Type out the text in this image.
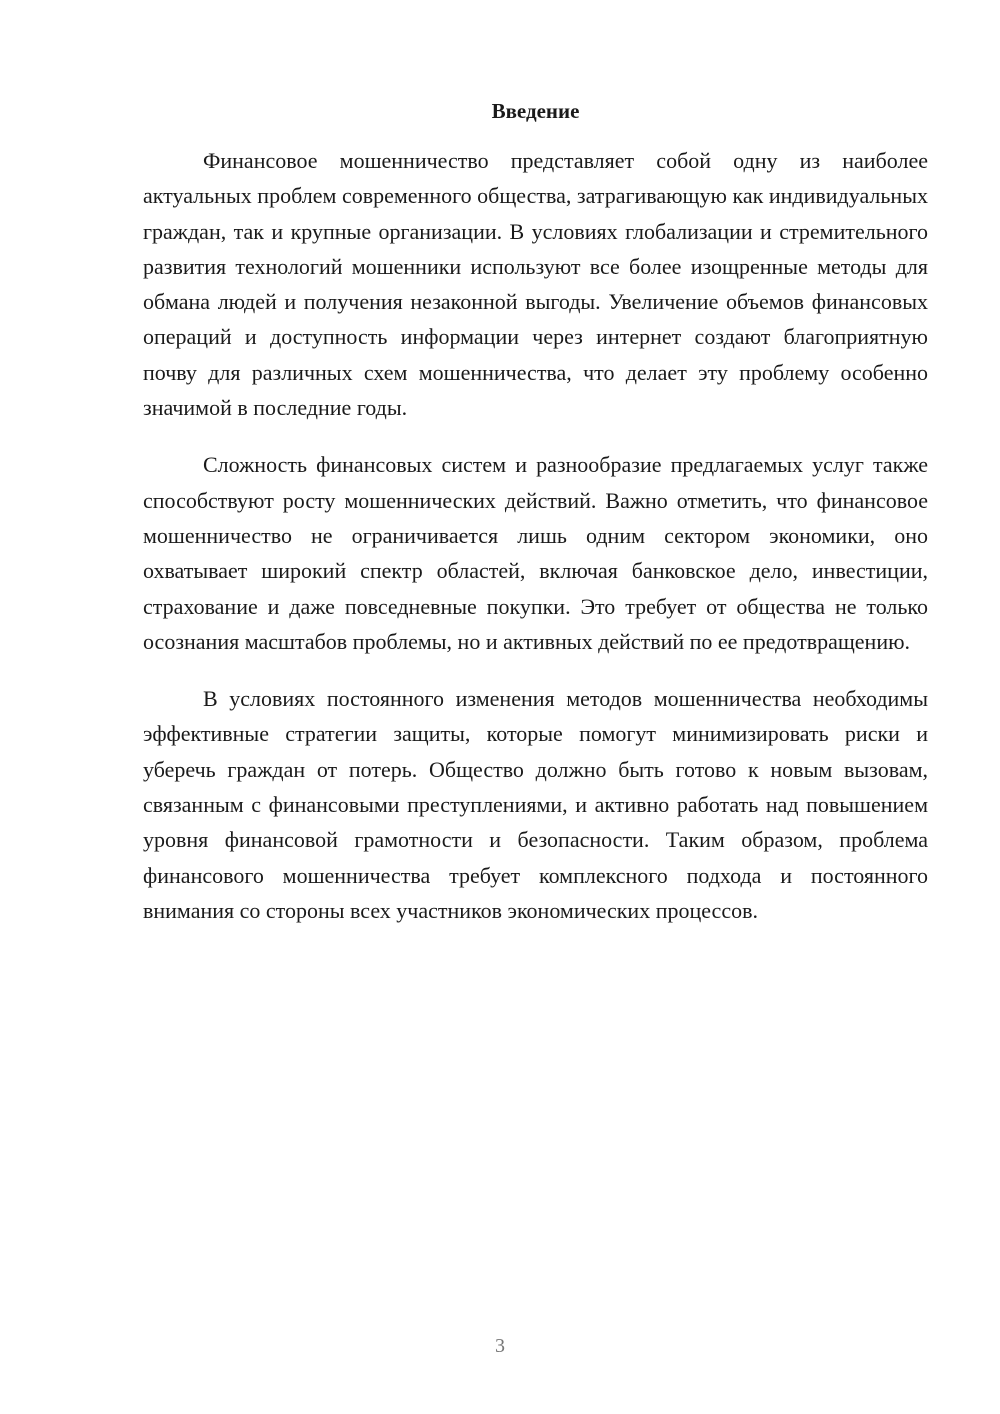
Введение

Финансовое мошенничество представляет собой одну из наиболее актуальных проблем современного общества, затрагивающую как индивидуальных граждан, так и крупные организации. В условиях глобализации и стремительного развития технологий мошенники используют все более изощренные методы для обмана людей и получения незаконной выгоды. Увеличение объемов финансовых операций и доступность информации через интернет создают благоприятную почву для различных схем мошенничества, что делает эту проблему особенно значимой в последние годы.

Сложность финансовых систем и разнообразие предлагаемых услуг также способствуют росту мошеннических действий. Важно отметить, что финансовое мошенничество не ограничивается лишь одним сектором экономики, оно охватывает широкий спектр областей, включая банковское дело, инвестиции, страхование и даже повседневные покупки. Это требует от общества не только осознания масштабов проблемы, но и активных действий по ее предотвращению.

В условиях постоянного изменения методов мошенничества необходимы эффективные стратегии защиты, которые помогут минимизировать риски и уберечь граждан от потерь. Общество должно быть готово к новым вызовам, связанным с финансовыми преступлениями, и активно работать над повышением уровня финансовой грамотности и безопасности. Таким образом, проблема финансового мошенничества требует комплексного подхода и постоянного внимания со стороны всех участников экономических процессов.

3
